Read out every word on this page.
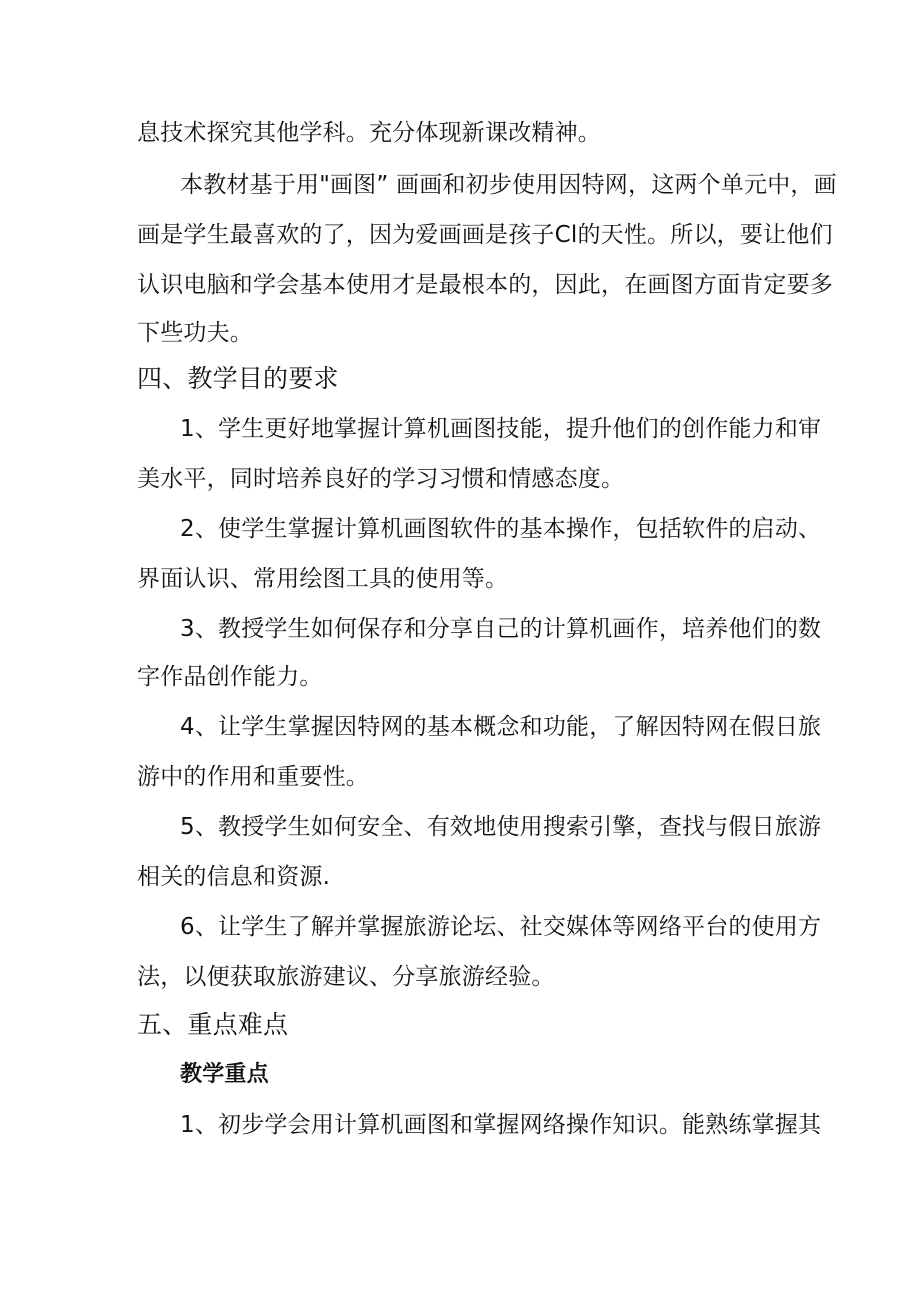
息技术探究其他学科。充分体现新课改精神。
本教材基于用"画图” 画画和初步使用因特网，这两个单元中，画
画是学生最喜欢的了，因为爱画画是孩子Cl的天性。所以，要让他们
认识电脑和学会基本使用才是最根本的，因此，在画图方面肯定要多
下些功夫。
四、教学目的要求
1、学生更好地掌握计算机画图技能，提升他们的创作能力和审
美水平，同时培养良好的学习习惯和情感态度。
2、使学生掌握计算机画图软件的基本操作，包括软件的启动、
界面认识、常用绘图工具的使用等。
3、教授学生如何保存和分享自己的计算机画作，培养他们的数
字作品创作能力。
4、让学生掌握因特网的基本概念和功能，了解因特网在假日旅
游中的作用和重要性。
5、教授学生如何安全、有效地使用搜索引擎，查找与假日旅游
相关的信息和资源.
6、让学生了解并掌握旅游论坛、社交媒体等网络平台的使用方
法，以便获取旅游建议、分享旅游经验。
五、重点难点
教学重点
1、初步学会用计算机画图和掌握网络操作知识。能熟练掌握其
